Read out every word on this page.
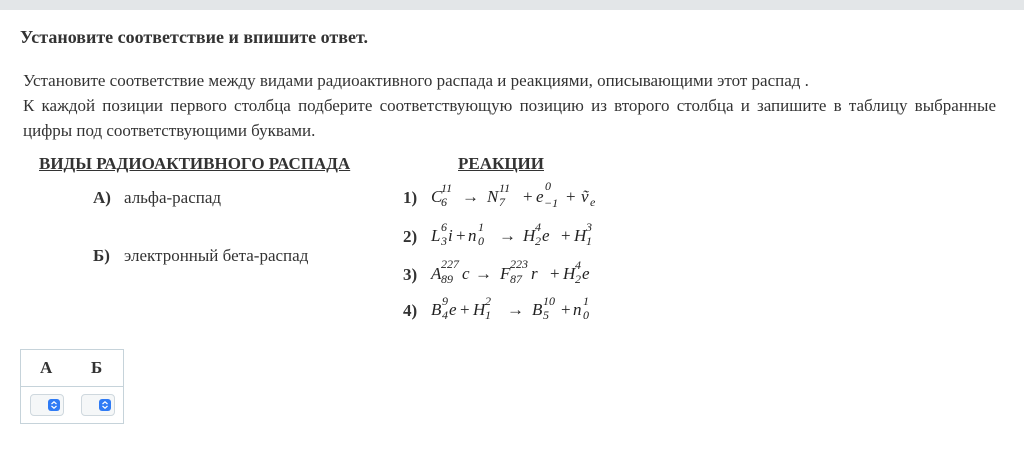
Установите соответствие и впишите ответ.

Установите соответствие между видами радиоактивного распада и реакциями, описывающими этот распад .

К каждой позиции первого столбца подберите соответствующую позицию из второго столбца и запишите в таблицу выбранные цифры под соответствующими буквами.

ВИДЫ РАДИОАКТИВНОГО РАСПАДА	РЕАКЦИИ
А) альфа-распад
Б) электронный бета-распад
1) C
11
6 → N 11
7 + e
0
−1 + ṽ e
2) L 6
3 i + n 1
0 → H 4
2 e + H 3
1
3) A 227
89 c → F 223
87 r + H 4
2 e
4) B 9
4 e + H 2
1 → B 10
5 + n 1
0
А Б
